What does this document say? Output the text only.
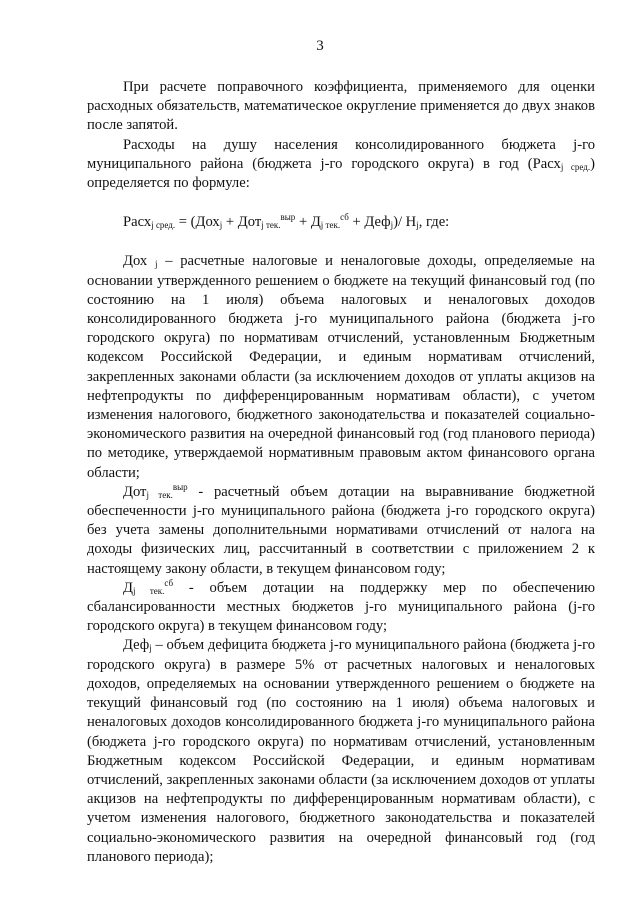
3

При расчете поправочного коэффициента, применяемого для оценки расходных обязательств, математическое округление применяется до двух знаков после запятой.

Расходы на душу населения консолидированного бюджета j-го муниципального района (бюджета j-го городского округа) в год (Расх$_{j сред.}$) определяется по формуле:

Расх$_{j сред.}$ = $(Дох_j + Дот_{j тек.}^{выр} + Д_{j тек.}^{сб} + Деф_j)/$ $Н_j$, где:

Дох $_j$ – расчетные налоговые и неналоговые доходы, определяемые на основании утвержденного решением о бюджете на текущий финансовый год (по состоянию на 1 июля) объема налоговых и неналоговых доходов консолидированного бюджета j-го муниципального района (бюджета j-го городского округа) по нормативам отчислений, установленным Бюджетным кодексом Российской Федерации, и единым нормативам отчислений, закрепленных законами области (за исключением доходов от уплаты акцизов на нефтепродукты по дифференцированным нормативам области), с учетом изменения налогового, бюджетного законодательства и показателей социально-экономического развития на очередной финансовый год (год планового периода) по методике, утверждаемой нормативным правовым актом финансового органа области;

Дот$_{j тек.}^{выр}$ - расчетный объем дотации на выравнивание бюджетной обеспеченности j-го муниципального района (бюджета j-го городского округа) без учета замены дополнительными нормативами отчислений от налога на доходы физических лиц, рассчитанный в соответствии с приложением 2 к настоящему закону области, в текущем финансовом году;

$Д_{j тек.}^{сб}$ - объем дотации на поддержку мер по обеспечению сбалансированности местных бюджетов j-го муниципального района (j-го городского округа) в текущем финансовом году;

Деф$_j$ – объем дефицита бюджета j-го муниципального района (бюджета j-го городского округа) в размере 5% от расчетных налоговых и неналоговых доходов, определяемых на основании утвержденного решением о бюджете на текущий финансовый год (по состоянию на 1 июля) объема налоговых и неналоговых доходов консолидированного бюджета j-го муниципального района (бюджета j-го городского округа) по нормативам отчислений, установленным Бюджетным кодексом Российской Федерации, и единым нормативам отчислений, закрепленных законами области (за исключением доходов от уплаты акцизов на нефтепродукты по дифференцированным нормативам области), с учетом изменения налогового, бюджетного законодательства и показателей социально-экономического развития на очередной финансовый год (год планового периода);
